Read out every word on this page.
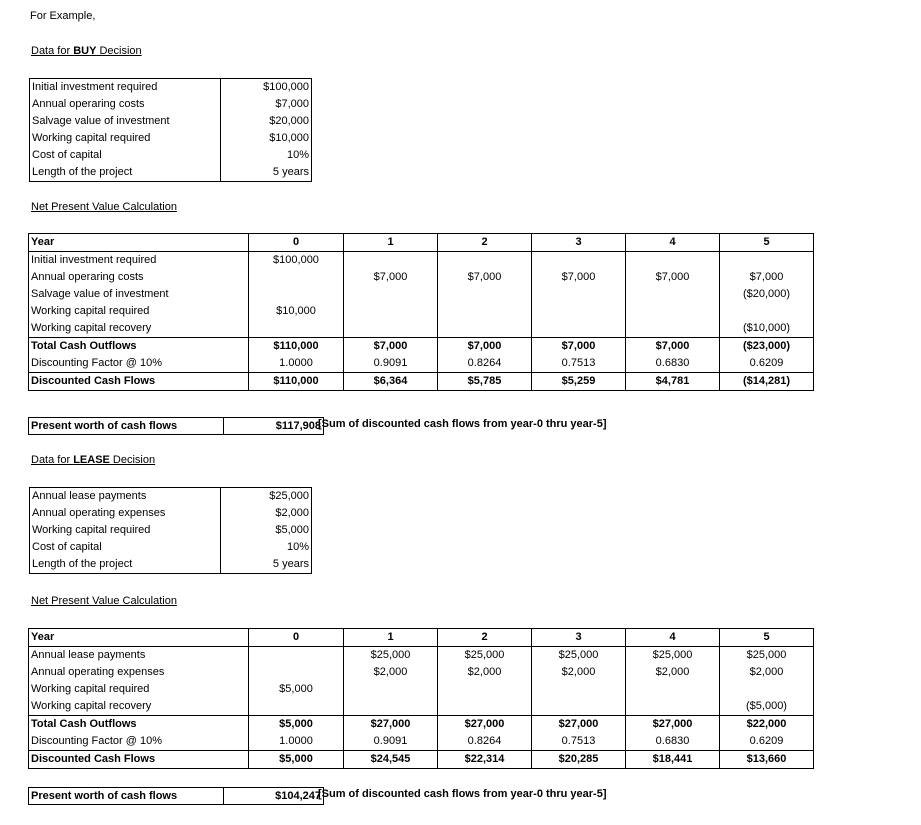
For Example,
Data for BUY Decision
Initial investment required	$100,000
Annual operaring costs	$7,000
Salvage value of investment	$20,000
Working capital required	$10,000
Cost of capital	10%
Length of the project	5 years
Net Present Value Calculation
Year	0	1	2	3	4	5
Initial investment required	$100,000					
Annual operaring costs		$7,000	$7,000	$7,000	$7,000	$7,000
Salvage value of investment						($20,000)
Working capital required	$10,000					
Working capital recovery						($10,000)
Total Cash Outflows	$110,000	$7,000	$7,000	$7,000	$7,000	($23,000)
Discounting Factor @ 10%	1.0000	0.9091	0.8264	0.7513	0.6830	0.6209
Discounted Cash Flows	$110,000	$6,364	$5,785	$5,259	$4,781	($14,281)
Present worth of cash flows		$117,908
[Sum of discounted cash flows from year-0 thru year-5]
Data for LEASE Decision
Annual lease payments	$25,000
Annual operating expenses	$2,000
Working capital required	$5,000
Cost of capital	10%
Length of the project	5 years
Net Present Value Calculation
Year	0	1	2	3	4	5
Annual lease payments		$25,000	$25,000	$25,000	$25,000	$25,000
Annual operating expenses		$2,000	$2,000	$2,000	$2,000	$2,000
Working capital required	$5,000					
Working capital recovery						($5,000)
Total Cash Outflows	$5,000	$27,000	$27,000	$27,000	$27,000	$22,000
Discounting Factor @ 10%	1.0000	0.9091	0.8264	0.7513	0.6830	0.6209
Discounted Cash Flows	$5,000	$24,545	$22,314	$20,285	$18,441	$13,660
Present worth of cash flows		$104,247
[Sum of discounted cash flows from year-0 thru year-5]
